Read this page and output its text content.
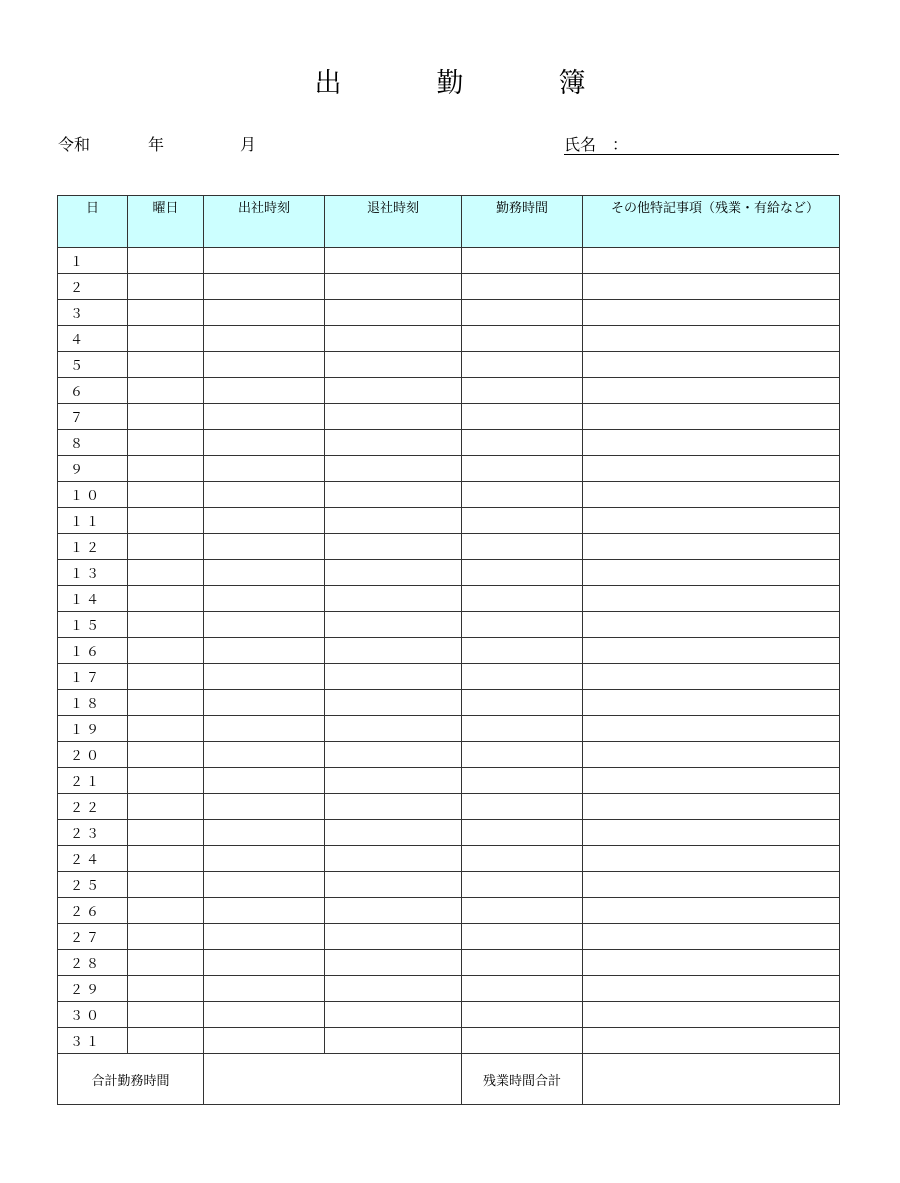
出　勤　簿
令和	年	月	氏名　：
日	曜日	出社時刻	退社時刻	勤務時間	その他特記事項（残業・有給など）
１					
２					
３					
４					
５					
６					
７					
８					
９					
１０					
１１					
１２					
１３					
１４					
１５					
１６					
１７					
１８					
１９					
２０					
２１					
２２					
２３					
２４					
２５					
２６					
２７					
２８					
２９					
３０					
３１					
合計勤務時間				残業時間合計	
